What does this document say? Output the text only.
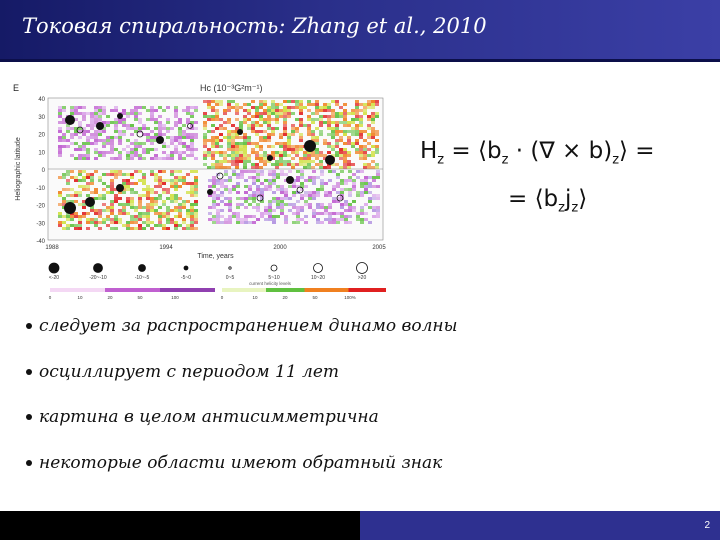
Токовая спиральность: Zhang et al., 2010
E	Hc (10⁻³G²m⁻¹)
40
30
20
10
0
-10
-20
-30
-40
1988	1994	2000	2005
Time, years
Heliographic latitude
<-20	-20~-10	-10~-5	-5~0	0~5	5~10	10~20	>20
current helicity levels
0	10	20	50	100	0	10	20	50	100%
$H_z$ = $⟨b_z$ · (∇ × $b)_z⟩$ =
= $⟨b_zj_z⟩$
следует за распространением динамо волны
осциллирует с периодом 11 лет
картина в целом антисимметрична
некоторые области имеют обратный знак
2
